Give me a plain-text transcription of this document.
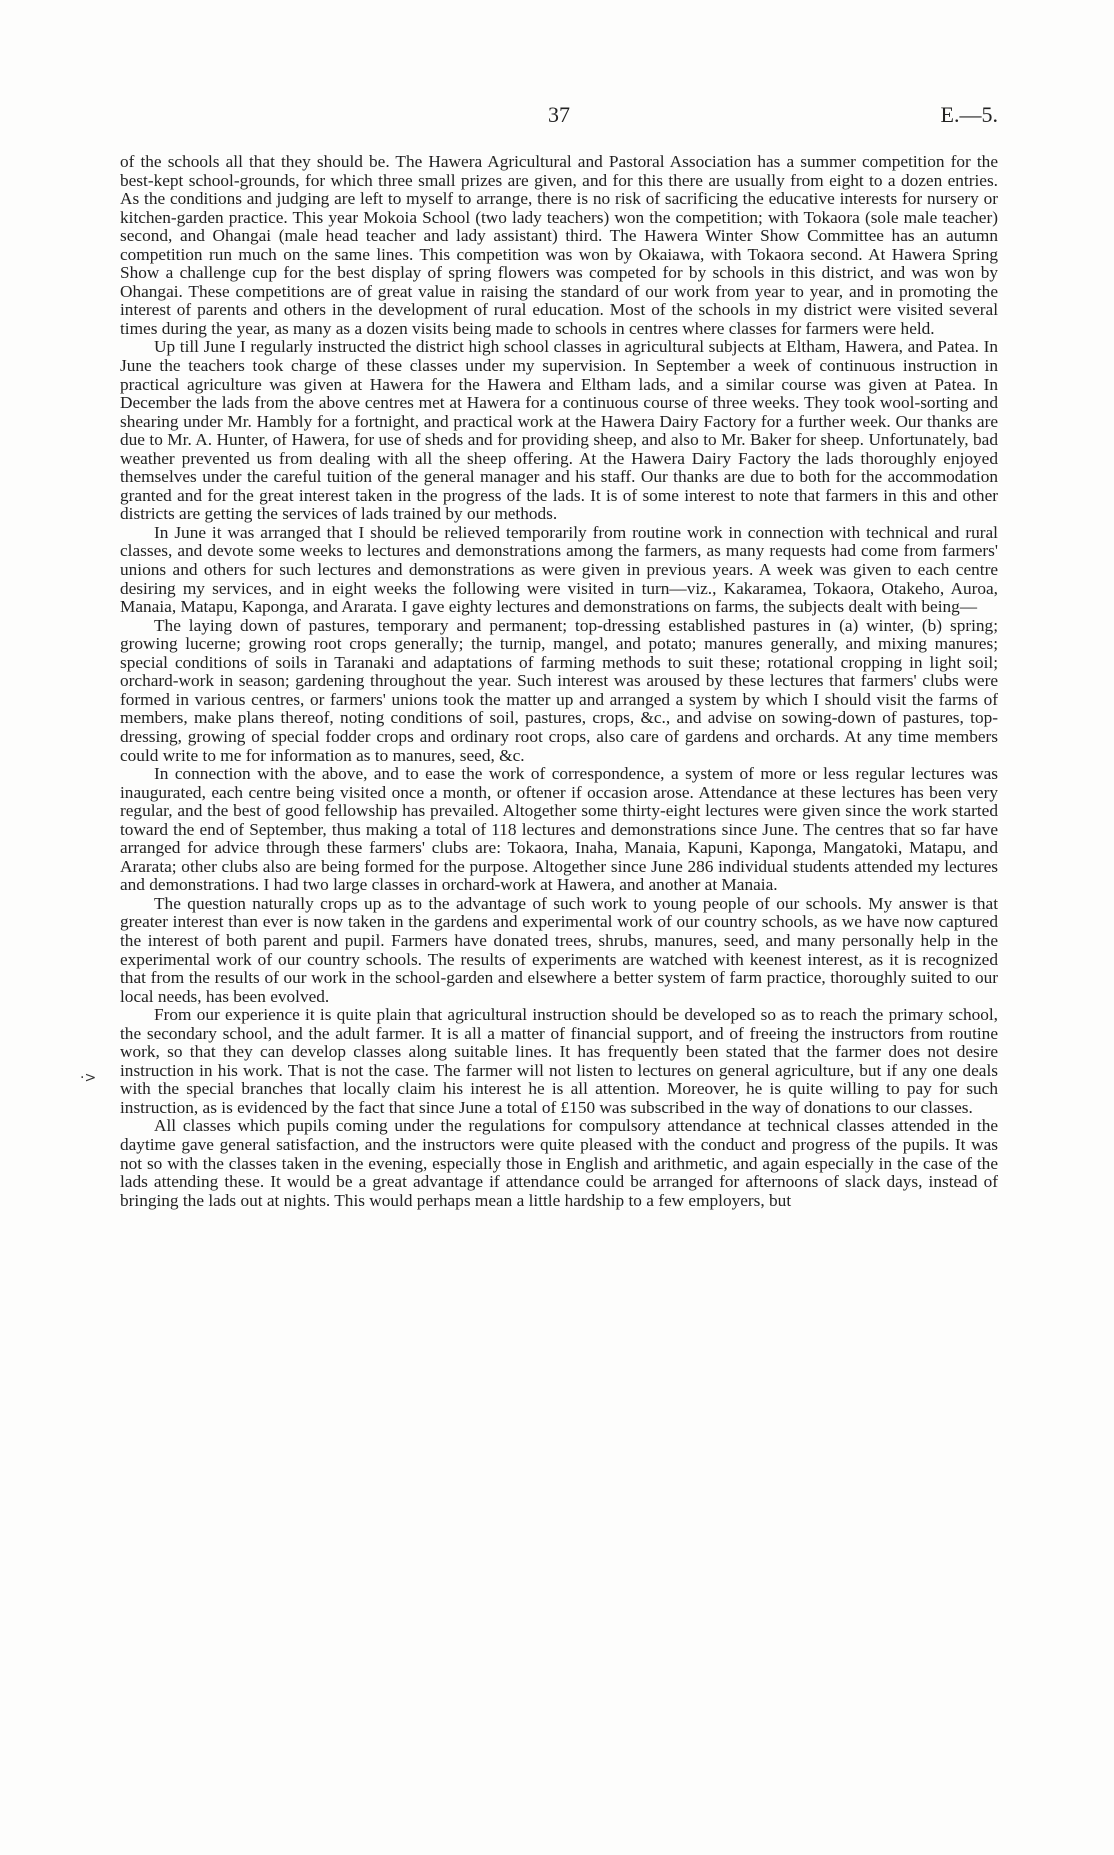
37	E.—5.
·>

of the schools all that they should be. The Hawera Agricultural and Pastoral Association has a summer competition for the best-kept school-grounds, for which three small prizes are given, and for this there are usually from eight to a dozen entries. As the conditions and judging are left to myself to arrange, there is no risk of sacrificing the educative interests for nursery or kitchen-garden practice. This year Mokoia School (two lady teachers) won the competition; with Tokaora (sole male teacher) second, and Ohangai (male head teacher and lady assistant) third. The Hawera Winter Show Committee has an autumn competition run much on the same lines. This competition was won by Okaiawa, with Tokaora second. At Hawera Spring Show a challenge cup for the best display of spring flowers was competed for by schools in this district, and was won by Ohangai. These competitions are of great value in raising the standard of our work from year to year, and in promoting the interest of parents and others in the development of rural education. Most of the schools in my district were visited several times during the year, as many as a dozen visits being made to schools in centres where classes for farmers were held.

Up till June I regularly instructed the district high school classes in agricultural subjects at Eltham, Hawera, and Patea. In June the teachers took charge of these classes under my supervision. In September a week of continuous instruction in practical agriculture was given at Hawera for the Hawera and Eltham lads, and a similar course was given at Patea. In December the lads from the above centres met at Hawera for a continuous course of three weeks. They took wool-sorting and shearing under Mr. Hambly for a fortnight, and practical work at the Hawera Dairy Factory for a further week. Our thanks are due to Mr. A. Hunter, of Hawera, for use of sheds and for providing sheep, and also to Mr. Baker for sheep. Unfortunately, bad weather prevented us from dealing with all the sheep offering. At the Hawera Dairy Factory the lads thoroughly enjoyed themselves under the careful tuition of the general manager and his staff. Our thanks are due to both for the accommodation granted and for the great interest taken in the progress of the lads. It is of some interest to note that farmers in this and other districts are getting the services of lads trained by our methods.

In June it was arranged that I should be relieved temporarily from routine work in connection with technical and rural classes, and devote some weeks to lectures and demonstrations among the farmers, as many requests had come from farmers' unions and others for such lectures and demonstrations as were given in previous years. A week was given to each centre desiring my services, and in eight weeks the following were visited in turn—viz., Kakaramea, Tokaora, Otakeho, Auroa, Manaia, Matapu, Kaponga, and Ararata. I gave eighty lectures and demonstrations on farms, the subjects dealt with being—

The laying down of pastures, temporary and permanent; top-dressing established pastures in (a) winter, (b) spring; growing lucerne; growing root crops generally; the turnip, mangel, and potato; manures generally, and mixing manures; special conditions of soils in Taranaki and adaptations of farming methods to suit these; rotational cropping in light soil; orchard-work in season; gardening throughout the year. Such interest was aroused by these lectures that farmers' clubs were formed in various centres, or farmers' unions took the matter up and arranged a system by which I should visit the farms of members, make plans thereof, noting conditions of soil, pastures, crops, &c., and advise on sowing-down of pastures, top-dressing, growing of special fodder crops and ordinary root crops, also care of gardens and orchards. At any time members could write to me for information as to manures, seed, &c.

In connection with the above, and to ease the work of correspondence, a system of more or less regular lectures was inaugurated, each centre being visited once a month, or oftener if occasion arose. Attendance at these lectures has been very regular, and the best of good fellowship has prevailed. Altogether some thirty-eight lectures were given since the work started toward the end of September, thus making a total of 118 lectures and demonstrations since June. The centres that so far have arranged for advice through these farmers' clubs are: Tokaora, Inaha, Manaia, Kapuni, Kaponga, Mangatoki, Matapu, and Ararata; other clubs also are being formed for the purpose. Altogether since June 286 individual students attended my lectures and demonstrations. I had two large classes in orchard-work at Hawera, and another at Manaia.

The question naturally crops up as to the advantage of such work to young people of our schools. My answer is that greater interest than ever is now taken in the gardens and experimental work of our country schools, as we have now captured the interest of both parent and pupil. Farmers have donated trees, shrubs, manures, seed, and many personally help in the experimental work of our country schools. The results of experiments are watched with keenest interest, as it is recognized that from the results of our work in the school-garden and elsewhere a better system of farm practice, thoroughly suited to our local needs, has been evolved.

From our experience it is quite plain that agricultural instruction should be developed so as to reach the primary school, the secondary school, and the adult farmer. It is all a matter of financial support, and of freeing the instructors from routine work, so that they can develop classes along suitable lines. It has frequently been stated that the farmer does not desire instruction in his work. That is not the case. The farmer will not listen to lectures on general agriculture, but if any one deals with the special branches that locally claim his interest he is all attention. Moreover, he is quite willing to pay for such instruction, as is evidenced by the fact that since June a total of £150 was subscribed in the way of donations to our classes.

All classes which pupils coming under the regulations for compulsory attendance at technical classes attended in the daytime gave general satisfaction, and the instructors were quite pleased with the conduct and progress of the pupils. It was not so with the classes taken in the evening, especially those in English and arithmetic, and again especially in the case of the lads attending these. It would be a great advantage if attendance could be arranged for afternoons of slack days, instead of bringing the lads out at nights. This would perhaps mean a little hardship to a few employers, but
